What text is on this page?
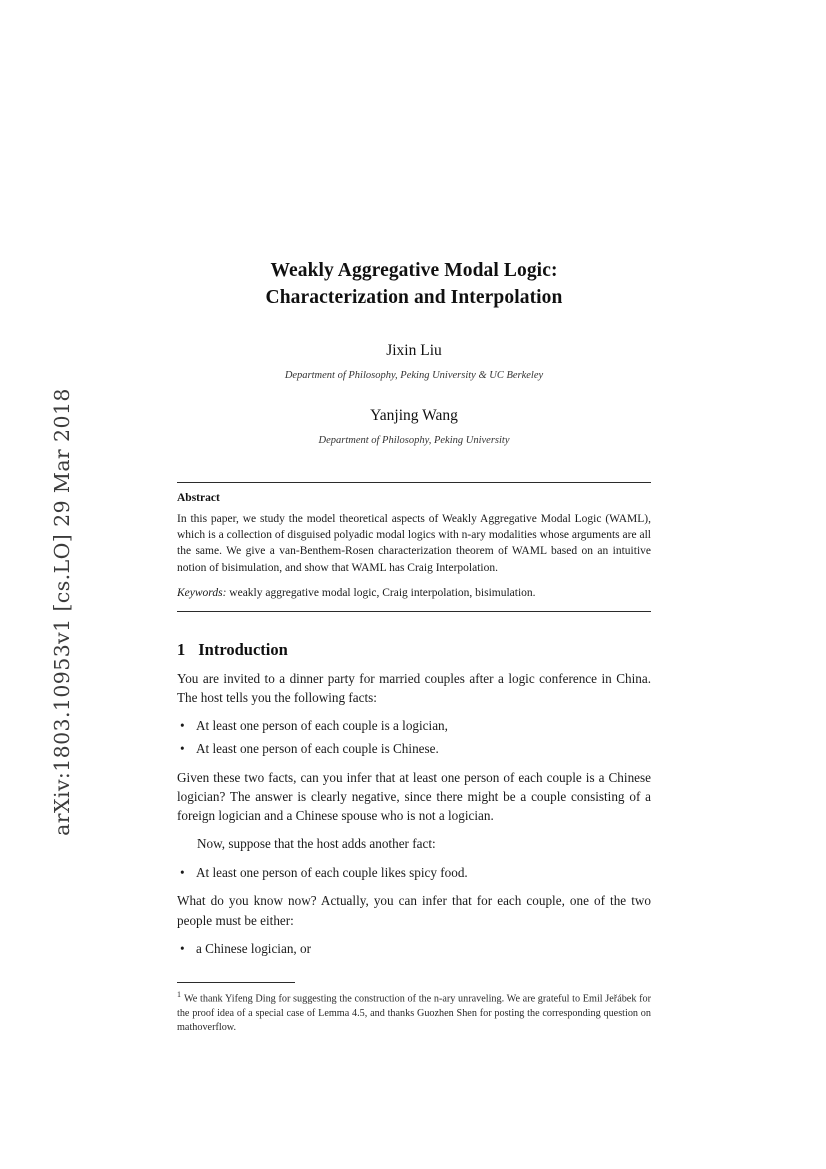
arXiv:1803.10953v1 [cs.LO] 29 Mar 2018
Weakly Aggregative Modal Logic:
Characterization and Interpolation
Jixin Liu
Department of Philosophy, Peking University & UC Berkeley
Yanjing Wang
Department of Philosophy, Peking University
Abstract
In this paper, we study the model theoretical aspects of Weakly Aggregative Modal Logic (WAML), which is a collection of disguised polyadic modal logics with n-ary modalities whose arguments are all the same. We give a van-Benthem-Rosen characterization theorem of WAML based on an intuitive notion of bisimulation, and show that WAML has Craig Interpolation.
Keywords: weakly aggregative modal logic, Craig interpolation, bisimulation.
1 Introduction

You are invited to a dinner party for married couples after a logic conference in China. The host tells you the following facts:

• At least one person of each couple is a logician,
• At least one person of each couple is Chinese.

Given these two facts, can you infer that at least one person of each couple is a Chinese logician? The answer is clearly negative, since there might be a couple consisting of a foreign logician and a Chinese spouse who is not a logician.

Now, suppose that the host adds another fact:

• At least one person of each couple likes spicy food.

What do you know now? Actually, you can infer that for each couple, one of the two people must be either:

• a Chinese logician, or
$^1$ We thank Yifeng Ding for suggesting the construction of the n-ary unraveling. We are grateful to Emil Jeřábek for the proof idea of a special case of Lemma 4.5, and thanks Guozhen Shen for posting the corresponding question on mathoverflow.
